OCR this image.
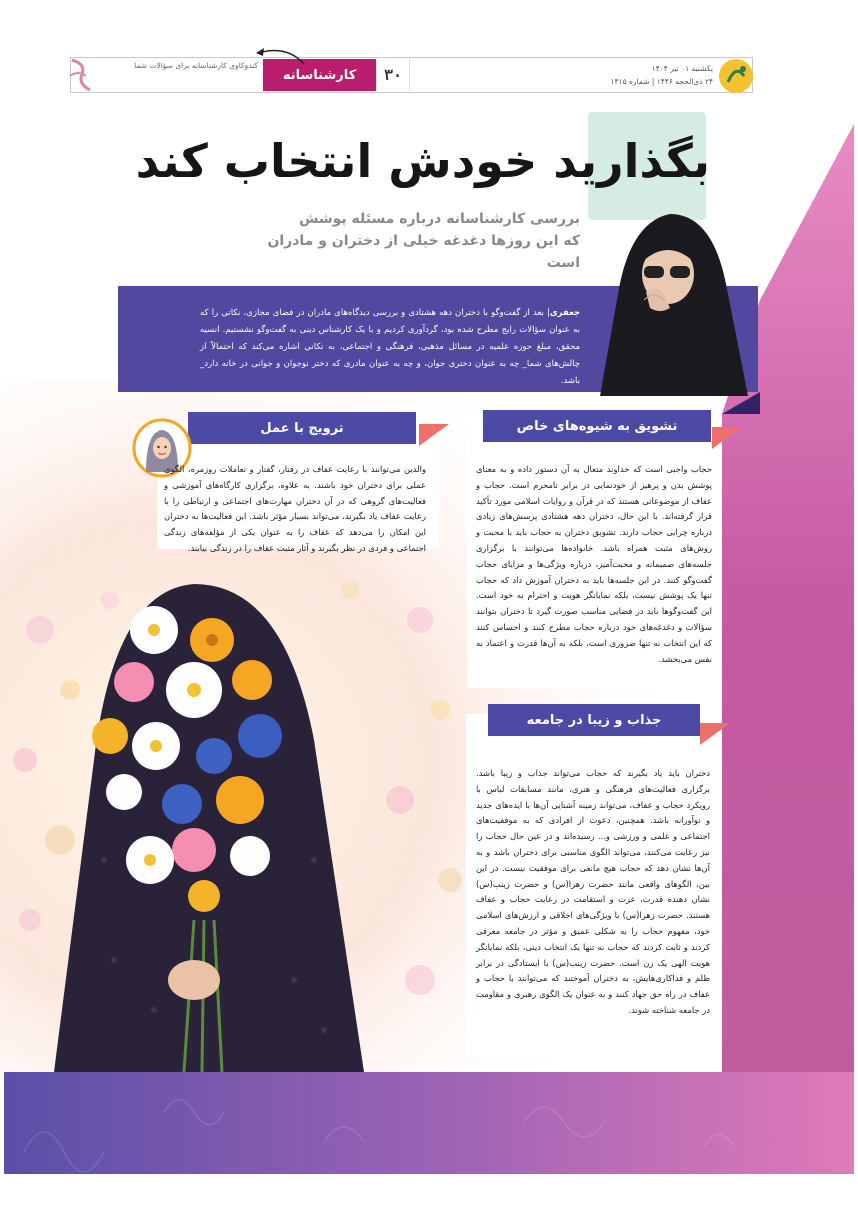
یکشنبه ۰۱ تیر ۱۴۰۴
۲۴ ذی‌الحجه ۱۴۴۶ | شماره ۱۴۱۵
۳۰
کارشناسانه
کندوکاوی کارشناسانه برای سؤالات شما
بگذارید خودش انتخاب کند
بررسی کارشناسانه درباره مسئله پوشش
که این روزها دغدغه خیلی از دختران و مادران است

جعفری| بعد از گفت‌وگو با دختران دهه هشتادی و بررسی دیدگاه‌های مادران در فضای مجازی، نکاتی را که به عنوان سؤالات رایج مطرح شده بود، گردآوری کردیم و با یک کارشناس دینی به گفت‌وگو نشستیم. انسیه محقق، مبلغ حوزه علمیه در مسائل مذهبی، فرهنگی و اجتماعی، به نکاتی اشاره می‌کند که احتمالاً از چالش‌های شما_ چه به عنوان دختری جوان، و چه به عنوان مادری که دختر نوجوان و جوانی در خانه دارد_ باشد.

تشویق به شیوه‌های خاص

حجاب واجبی است که خداوند متعال به آن دستور داده و به معنای پوشش بدن و پرهیز از خودنمایی در برابر نامحرم است. حجاب و عفاف از موضوعاتی هستند که در قرآن و روایات اسلامی مورد تأکید قرار گرفته‌اند. با این حال، دختران دهه هشتادی پرسش‌های زیادی درباره چرایی حجاب دارند. تشویق دختران به حجاب باید با محبت و روش‌های مثبت همراه باشد. خانواده‌ها می‌توانند با برگزاری جلسه‌های صمیمانه و محبت‌آمیز، درباره ویژگی‌ها و مزایای حجاب گفت‌وگو کنند. در این جلسه‌ها باید به دختران آموزش داد که حجاب تنها یک پوشش نیست، بلکه نمایانگر هویت و احترام به خود است. این گفت‌وگوها باید در فضایی مناسب صورت گیرد تا دختران بتوانند سؤالات و دغدغه‌های خود درباره حجاب مطرح کنند و احساس کنند که این انتخاب نه تنها ضروری است، بلکه به آن‌ها قدرت و اعتماد به نفس می‌بخشد.

ترویج با عمل

والدین می‌توانند با رعایت عفاف در رفتار، گفتار و تعاملات روزمره، الگوی عملی برای دختران خود باشند. به علاوه، برگزاری کارگاه‌های آموزشی و فعالیت‌های گروهی که در آن دختران مهارت‌های اجتماعی و ارتباطی را با رعایت عفاف یاد بگیرند، می‌تواند بسیار مؤثر باشد. این فعالیت‌ها به دختران این امکان را می‌دهد که عفاف را به عنوان یکی از مؤلفه‌های زندگی اجتماعی و فردی در نظر بگیرند و آثار مثبت عفاف را در زندگی بیابند.

جذاب و زیبا در جامعه

دختران باید یاد بگیرند که حجاب می‌تواند جذاب و زیبا باشد. برگزاری فعالیت‌های فرهنگی و هنری، مانند مسابقات لباس با رویکرد حجاب و عفاف، می‌تواند زمینه آشنایی آن‌ها با ایده‌های جدید و نوآورانه باشد. همچنین، دعوت از افرادی که به موفقیت‌های اجتماعی و علمی و ورزشی و... رسیده‌اند و در عین حال حجاب را نیز رعایت می‌کنند، می‌تواند الگوی مناسبی برای دختران باشد و به آن‌ها نشان دهد که حجاب هیچ مانعی برای موفقیت نیست. در این بین، الگوهای واقعی مانند حضرت زهرا(س) و حضرت زینب(س) نشان دهنده قدرت، عزت و استقامت در رعایت حجاب و عفاف هستند. حضرت زهرا(س) با ویژگی‌های اخلاقی و ارزش‌های اسلامی خود، مفهوم حجاب را به شکلی عمیق و مؤثر در جامعه معرفی کردند و ثابت کردند که حجاب نه تنها یک انتخاب دینی، بلکه نمایانگر هویت الهی یک زن است. حضرت زینب(س) با ایستادگی در برابر ظلم و فداکاری‌هایش، به دختران آموختند که می‌توانند با حجاب و عفاف در راه حق جهاد کنند و به عنوان یک الگوی رهبری و مقاومت در جامعه شناخته شوند.
